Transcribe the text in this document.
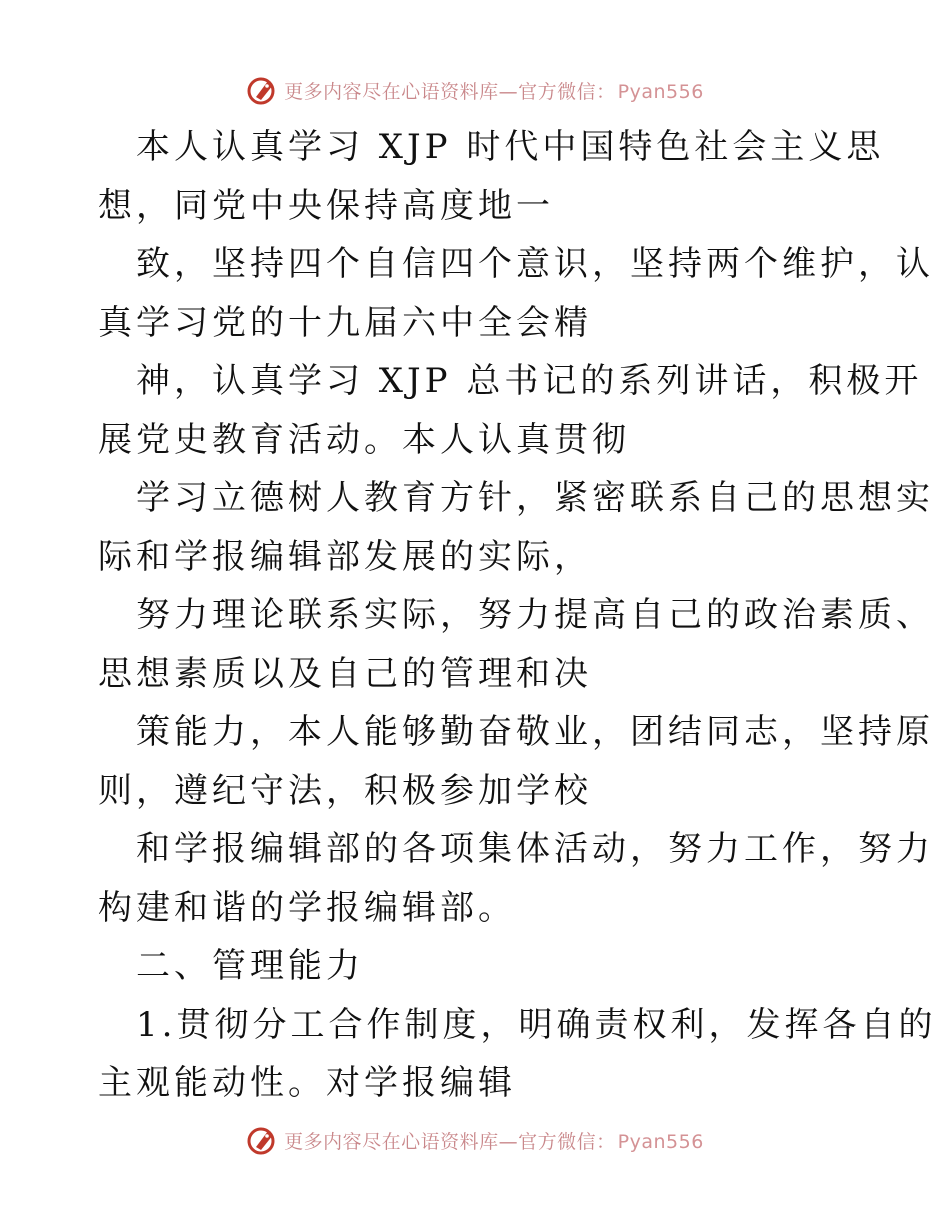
更多内容尽在心语资料库—官方微信： Pyan556

本人认真学习 XJP 时代中国特色社会主义思

想，同党中央保持高度地一

致，坚持四个自信四个意识，坚持两个维护，认

真学习党的十九届六中全会精

神，认真学习 XJP 总书记的系列讲话，积极开

展党史教育活动。本人认真贯彻

学习立德树人教育方针，紧密联系自己的思想实

际和学报编辑部发展的实际，

努力理论联系实际，努力提高自己的政治素质、

思想素质以及自己的管理和决

策能力，本人能够勤奋敬业，团结同志，坚持原

则，遵纪守法，积极参加学校

和学报编辑部的各项集体活动，努力工作，努力

构建和谐的学报编辑部。

二、管理能力

1.贯彻分工合作制度，明确责权利，发挥各自的

主观能动性。对学报编辑

更多内容尽在心语资料库—官方微信： Pyan556
